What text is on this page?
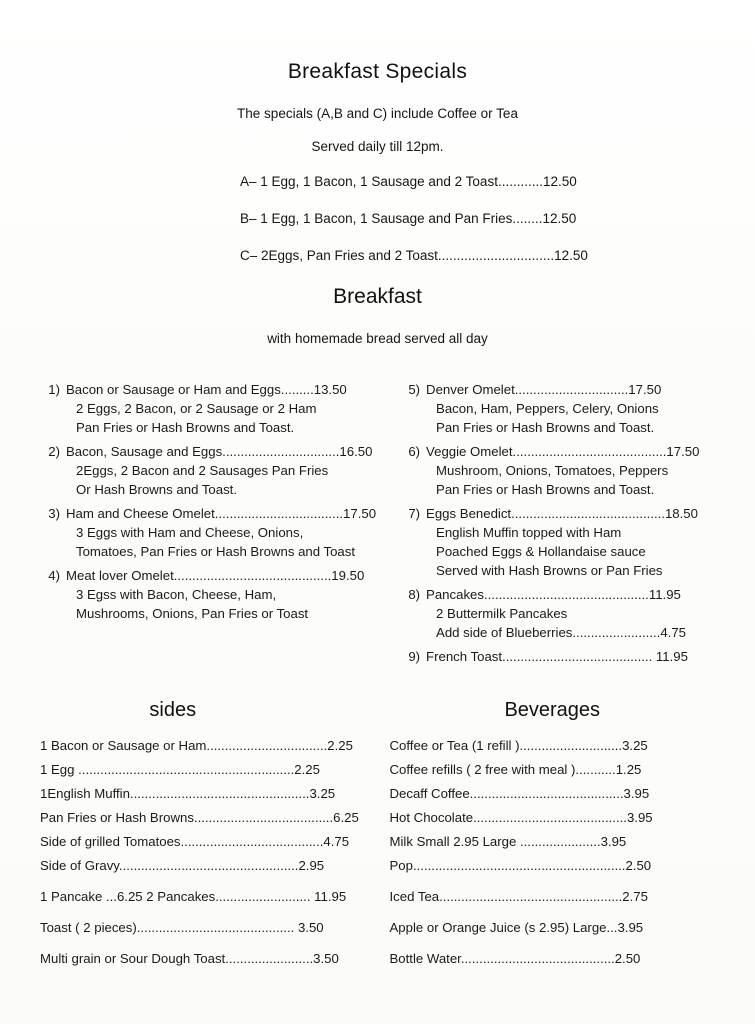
Breakfast Specials
The specials (A,B and C) include Coffee or Tea
Served daily till 12pm.
A– 1 Egg, 1 Bacon, 1 Sausage and 2 Toast............12.50
B– 1 Egg, 1 Bacon, 1 Sausage and Pan Fries........12.50
C– 2Eggs, Pan Fries and 2 Toast...............................12.50
Breakfast
with homemade bread served all day
1) Bacon or Sausage or Ham and Eggs.........13.50
2 Eggs, 2 Bacon, or 2 Sausage or 2 Ham
Pan Fries or Hash Browns and Toast.
2) Bacon, Sausage and Eggs................................16.50
2Eggs, 2 Bacon and 2 Sausages Pan Fries
Or Hash Browns and Toast.
3) Ham and Cheese Omelet...................................17.50
3 Eggs with Ham and Cheese, Onions,
Tomatoes, Pan Fries or Hash Browns and Toast
4) Meat lover Omelet...........................................19.50
3 Egss with Bacon, Cheese, Ham,
Mushrooms, Onions, Pan Fries or Toast
5) Denver Omelet...............................17.50
Bacon, Ham, Peppers, Celery, Onions
Pan Fries or Hash Browns and Toast.
6) Veggie Omelet..........................................17.50
Mushroom, Onions, Tomatoes, Peppers
Pan Fries or Hash Browns and Toast.
7) Eggs Benedict..........................................18.50
English Muffin topped with Ham
Poached Eggs & Hollandaise sauce
Served with Hash Browns or Pan Fries
8) Pancakes.............................................11.95
2 Buttermilk Pancakes
Add side of Blueberries........................4.75
9) French Toast......................................... 11.95
sides
1 Bacon or Sausage or Ham.................................2.25
1 Egg ...........................................................2.25
1English Muffin.................................................3.25
Pan Fries or Hash Browns......................................6.25
Side of grilled Tomatoes.......................................4.75
Side of Gravy.................................................2.95
1 Pancake ...6.25 2 Pancakes.......................... 11.95
Toast ( 2 pieces)........................................... 3.50
Multi grain or Sour Dough Toast........................3.50
Beverages
Coffee or Tea (1 refill )............................3.25
Coffee refills ( 2 free with meal )...........1.25
Decaff Coffee..........................................3.95
Hot Chocolate..........................................3.95
Milk Small 2.95 Large ......................3.95
Pop..........................................................2.50
Iced Tea..................................................2.75
Apple or Orange Juice (s 2.95) Large...3.95
Bottle Water..........................................2.50
